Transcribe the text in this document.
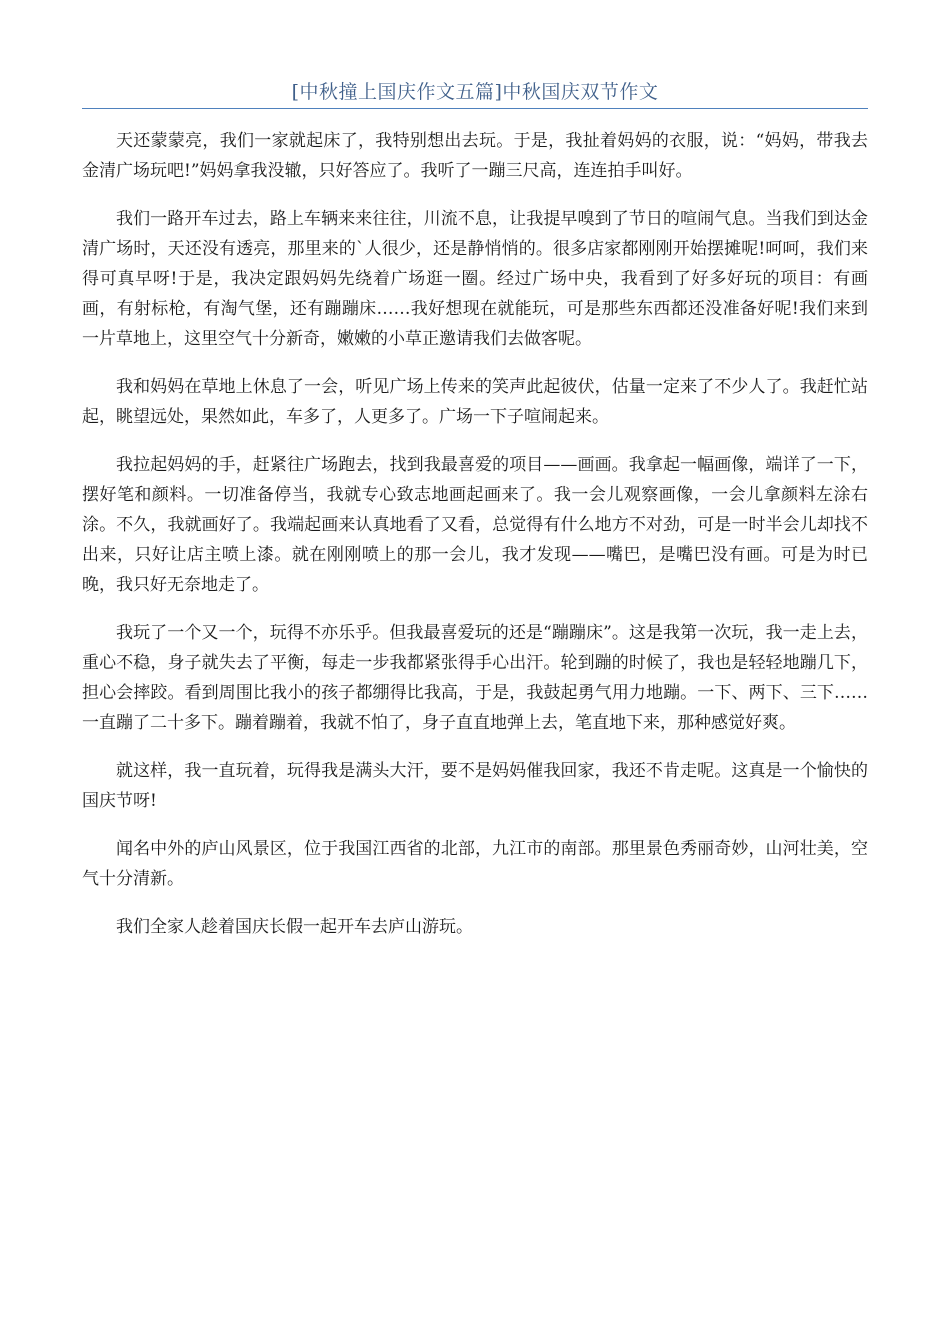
[中秋撞上国庆作文五篇]中秋国庆双节作文

天还蒙蒙亮，我们一家就起床了，我特别想出去玩。于是，我扯着妈妈的衣服，说：“妈妈，带我去金清广场玩吧!”妈妈拿我没辙，只好答应了。我听了一蹦三尺高，连连拍手叫好。

我们一路开车过去，路上车辆来来往往，川流不息，让我提早嗅到了节日的喧闹气息。当我们到达金清广场时，天还没有透亮，那里来的`人很少，还是静悄悄的。很多店家都刚刚开始摆摊呢!呵呵，我们来得可真早呀!于是，我决定跟妈妈先绕着广场逛一圈。经过广场中央，我看到了好多好玩的项目：有画画，有射标枪，有淘气堡，还有蹦蹦床……我好想现在就能玩，可是那些东西都还没准备好呢!我们来到一片草地上，这里空气十分新奇，嫩嫩的小草正邀请我们去做客呢。

我和妈妈在草地上休息了一会，听见广场上传来的笑声此起彼伏，估量一定来了不少人了。我赶忙站起，眺望远处，果然如此，车多了，人更多了。广场一下子喧闹起来。

我拉起妈妈的手，赶紧往广场跑去，找到我最喜爱的项目——画画。我拿起一幅画像，端详了一下，摆好笔和颜料。一切准备停当，我就专心致志地画起画来了。我一会儿观察画像，一会儿拿颜料左涂右涂。不久，我就画好了。我端起画来认真地看了又看，总觉得有什么地方不对劲，可是一时半会儿却找不出来，只好让店主喷上漆。就在刚刚喷上的那一会儿，我才发现——嘴巴，是嘴巴没有画。可是为时已晚，我只好无奈地走了。

我玩了一个又一个，玩得不亦乐乎。但我最喜爱玩的还是“蹦蹦床”。这是我第一次玩，我一走上去，重心不稳，身子就失去了平衡，每走一步我都紧张得手心出汗。轮到蹦的时候了，我也是轻轻地蹦几下，担心会摔跤。看到周围比我小的孩子都绷得比我高，于是，我鼓起勇气用力地蹦。一下、两下、三下……一直蹦了二十多下。蹦着蹦着，我就不怕了，身子直直地弹上去，笔直地下来，那种感觉好爽。

就这样，我一直玩着，玩得我是满头大汗，要不是妈妈催我回家，我还不肯走呢。这真是一个愉快的国庆节呀!

闻名中外的庐山风景区，位于我国江西省的北部，九江市的南部。那里景色秀丽奇妙，山河壮美，空气十分清新。

我们全家人趁着国庆长假一起开车去庐山游玩。
